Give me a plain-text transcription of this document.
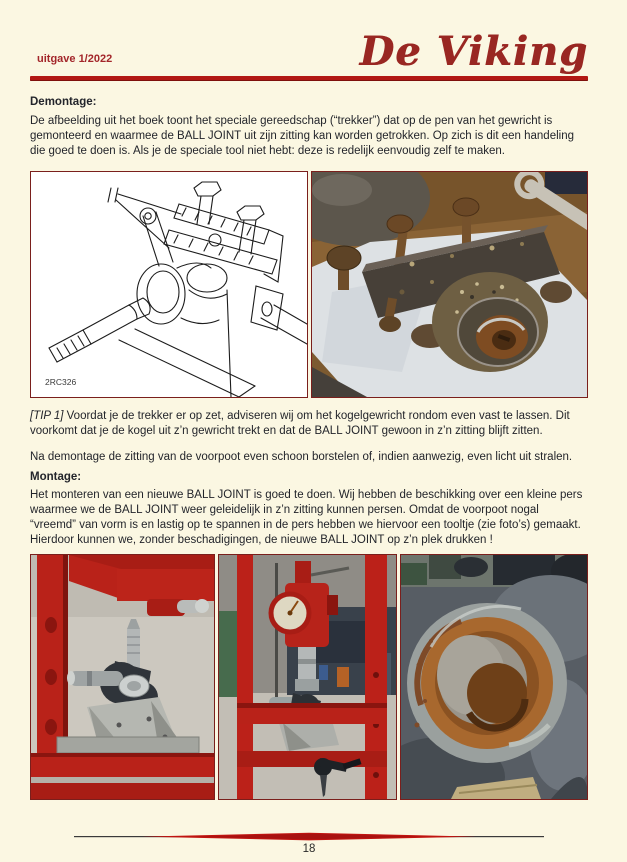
uitgave 1/2022	De Viking
Demontage:

De afbeelding uit het boek toont het speciale gereedschap (“trekker”) dat op de pen van het gewricht is gemonteerd en waarmee de BALL JOINT uit zijn zitting kan worden getrokken. Op zich is dit een handeling die goed te doen is. Als je de speciale tool niet hebt: deze is redelijk eenvoudig zelf te maken.

2RC326

[TIP 1] Voordat je de trekker er op zet, adviseren wij om het kogelgewricht rondom even vast te lassen. Dit voorkomt dat je de kogel uit z’n gewricht trekt en dat de BALL JOINT gewoon in z’n zitting blijft zitten.

Na demontage de zitting van de voorpoot even schoon borstelen of, indien aanwezig, even licht uit stralen.

Montage:

Het monteren van een nieuwe BALL JOINT is goed te doen. Wij hebben de beschikking over een kleine pers waarmee we de BALL JOINT weer geleidelijk in z’n zitting kunnen persen. Omdat de voorpoot nogal “vreemd” van vorm is en lastig op te spannen in de pers hebben we hiervoor een tooltje (zie foto’s) gemaakt. Hierdoor kunnen we, zonder beschadigingen, de nieuwe BALL JOINT op z’n plek drukken !

18
